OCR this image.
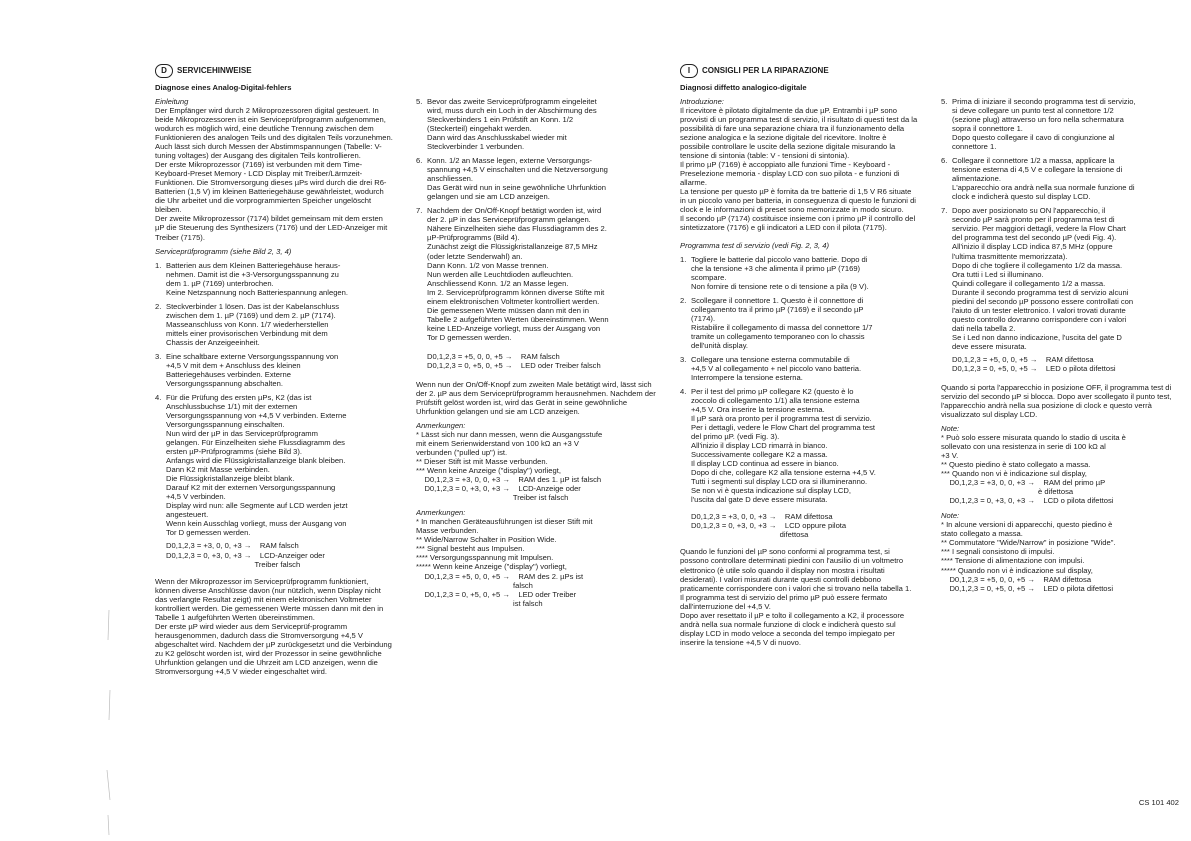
D	SERVICEHINWEISE
Diagnose eines Analog-Digital-fehlers
Einleitung

Der Empfänger wird durch 2 Mikroprozessoren digital gesteuert. In beide Mikroprozessoren ist ein Serviceprüfprogramm aufgenommen, wodurch es möglich wird, eine deutliche Trennung zwischen dem Funktionieren des analogen Teils und des digitalen Teils vorzunehmen. Auch lässt sich durch Messen der Abstimmspannungen (Tabelle: V-tuning voltages) der Ausgang des digitalen Teils kontrollieren.

Der erste Mikroprozessor (7169) ist verbunden mit dem Time-Keyboard-Preset Memory - LCD Display mit Treiber/Lärmzeit-Funktionen. Die Stromversorgung dieses µPs wird durch die drei R6-Batterien (1,5 V) im kleinen Batteriegehäuse gewährleistet, wodurch die Uhr arbeitet und die vorprogrammierten Speicher ungelöscht bleiben.

Der zweite Mikroprozessor (7174) bildet gemeinsam mit dem ersten µP die Steuerung des Synthesizers (7176) und der LED-Anzeiger mit Treiber (7175).

Serviceprüfprogramm (siehe Bild 2, 3, 4)

1. Batterien aus dem Kleinen Batteriegehäuse heraus-
nehmen. Damit ist die +3-Versorgungsspannung zu
dem 1. µP (7169) unterbrochen.
Keine Netzspannung noch Batteriespannung anlegen.
2. Steckverbinder 1 lösen. Das ist der Kabelanschluss
zwischen dem 1. µP (7169) und dem 2. µP (7174).
Masseanschluss von Konn. 1/7 wiederherstellen
mittels einer provisorischen Verbindung mit dem
Chassis der Anzeigeeinheit.
3. Eine schaltbare externe Versorgungsspannung von
+4,5 V mit dem + Anschluss des kleinen
Batteriegehäuses verbinden. Externe
Versorgungsspannung abschalten.
4. Für die Prüfung des ersten µPs, K2 (das ist
Anschlussbuchse 1/1) mit der externen
Versorgungsspannung von +4,5 V verbinden. Externe
Versorgungsspannung einschalten.
Nun wird der µP in das Serviceprüfprogramm
gelangen. Für Einzelheiten siehe Flussdiagramm des
ersten µP-Prüfprogramms (siehe Bild 3).
Anfangs wird die Flüssigkristallanzeige blank bleiben.
Dann K2 mit Masse verbinden.
Die Flüssigkristallanzeige bleibt blank.
Darauf K2 mit der externen Versorgungsspannung
+4,5 V verbinden.
Display wird nun: alle Segmente auf LCD werden jetzt
angesteuert.
Wenn kein Ausschlag vorliegt, muss der Ausgang von
Tor D gemessen werden.
D0,1,2,3 = +3, 0, 0, +3 →    RAM falsch
D0,1,2,3 = 0, +3, 0, +3 →    LCD-Anzeiger oder
Treiber falsch

Wenn der Mikroprozessor im Serviceprüfprogramm funktioniert, können diverse Anschlüsse davon (nur nützlich, wenn Display nicht das verlangte Resultat zeigt) mit einem elektronischen Voltmeter kontrolliert werden. Die gemessenen Werte müssen dann mit den in Tabelle 1 aufgeführten Werten übereinstimmen.
Der erste µP wird wieder aus dem Serviceprüf-programm herausgenommen, dadurch dass die Stromversorgung +4,5 V abgeschaltet wird. Nachdem der µP zurückgesetzt und die Verbindung zu K2 gelöscht worden ist, wird der Prozessor in seine gewöhnliche Uhrfunktion gelangen und die Uhrzeit am LCD anzeigen, wenn die Stromversorgung +4,5 V wieder eingeschaltet wird.

5. Bevor das zweite Serviceprüfprogramm eingeleitet
wird, muss durch ein Loch in der Abschirmung des
Steckverbinders 1 ein Prüfstift an Konn. 1/2
(Steckerteil) eingehakt werden.
Dann wird das Anschlusskabel wieder mit
Steckverbinder 1 verbunden.
6. Konn. 1/2 an Masse legen, externe Versorgungs-
spannung +4,5 V einschalten und die Netzversorgung
anschliessen.
Das Gerät wird nun in seine gewöhnliche Uhrfunktion
gelangen und sie am LCD anzeigen.
7. Nachdem der On/Off-Knopf betätigt worden ist, wird
der 2. µP in das Serviceprüfprogramm gelangen.
Nähere Einzelheiten siehe das Flussdiagramm des 2.
µP-Prüfprogramms (Bild 4).
Zunächst zeigt die Flüssigkristallanzeige 87,5 MHz
(oder letzte Senderwahl) an.
Dann Konn. 1/2 von Masse trennen.
Nun werden alle Leuchtdioden aufleuchten.
Anschliessend Konn. 1/2 an Masse legen.
Im 2. Serviceprüfprogramm können diverse Stifte mit
einem elektronischen Voltmeter kontrolliert werden.
Die gemessenen Werte müssen dann mit den in
Tabelle 2 aufgeführten Werten übereinstimmen. Wenn
keine LED-Anzeige vorliegt, muss der Ausgang von
Tor D gemessen werden.
D0,1,2,3 = +5, 0, 0, +5 →    RAM falsch
D0,1,2,3 = 0, +5, 0, +5 →    LED oder Treiber falsch

Wenn nun der On/Off-Knopf zum zweiten Male betätigt wird, lässt sich der 2. µP aus dem Serviceprüfprogramm herausnehmen. Nachdem der Prüfstift gelöst worden ist, wird das Gerät in seine gewöhnliche Uhrfunktion gelangen und sie am LCD anzeigen.

Anmerkungen:
* Lässt sich nur dann messen, wenn die Ausgangsstufe
mit einem Serienwiderstand von 100 kΩ an +3 V
verbunden ("pulled up") ist.
** Dieser Stift ist mit Masse verbunden.
*** Wenn keine Anzeige ("display") vorliegt,
D0,1,2,3 = +3, 0, 0, +3 →    RAM des 1. µP ist falsch
D0,1,2,3 = 0, +3, 0, +3 →    LCD-Anzeige oder
Treiber ist falsch
Anmerkungen:
* In manchen Geräteausführungen ist dieser Stift mit
Masse verbunden.
** Wide/Narrow Schalter in Position Wide.
*** Signal besteht aus Impulsen.
**** Versorgungsspannung mit Impulsen.
***** Wenn keine Anzeige ("display") vorliegt,
D0,1,2,3 = +5, 0, 0, +5 →    RAM des 2. µPs ist
falsch
D0,1,2,3 = 0, +5, 0, +5 →    LED oder Treiber
ist falsch
I	CONSIGLI PER LA RIPARAZIONE
Diagnosi diffetto analogico-digitale
Introduzione:

Il ricevitore è pilotato digitalmente da due µP. Entrambi i µP sono provvisti di un programma test di servizio, il risultato di questi test da la possibilità di fare una separazione chiara tra il funzionamento della sezione analogica e la sezione digitale del ricevitore. Inoltre è possibile controllare le uscite della sezione digitale misurando la tensione di sintonia (table: V - tensioni di sintonia).

Il primo µP (7169) è accoppiato alle funzioni Time - Keyboard - Preselezione memoria - display LCD con suo pilota - e funzioni di allarme.
La tensione per questo µP è fornita da tre batterie di 1,5 V R6 situate in un piccolo vano per batteria, in conseguenza di questo le funzioni di clock e le informazioni di preset sono memorizzate in modo sicuro.
Il secondo µP (7174) costituisce insieme con i primo µP il controllo del sintetizzatore (7176) e gli indicatori a LED con il pilota (7175).

Programma test di servizio (vedi Fig. 2, 3, 4)

1. Togliere le batterie dal piccolo vano batterie. Dopo di
che la tensione +3 che alimenta il primo µP (7169)
scompare.
Non fornire di tensione rete o di tensione a pila (9 V).
2. Scollegare il connettore 1. Questo è il connettore di
collegamento tra il primo µP (7169) e il secondo µP
(7174).
Ristabilire il collegamento di massa del connettore 1/7
tramite un collegamento temporaneo con lo chassis
dell'unità display.
3. Collegare una tensione esterna commutabile di
+4,5 V al collegamento + nel piccolo vano batteria.
Interrompere la tensione esterna.
4. Per il test del primo µP collegare K2 (questo è lo
zoccolo di collegamento 1/1) alla tensione esterna
+4,5 V. Ora inserire la tensione esterna.
Il µP sarà ora pronto per il programma test di servizio.
Per i dettagli, vedere le Flow Chart del programma test
del primo µP. (vedi Fig. 3).
All'inizio il display LCD rimarrà in bianco.
Successivamente collegare K2 a massa.
Il display LCD continua ad essere in bianco.
Dopo di che, collegare K2 alla tensione esterna +4,5 V.
Tutti i segmenti sul display LCD ora si illumineranno.
Se non vi è questa indicazione sul display LCD,
l'uscita dal gate D deve essere misurata.
D0,1,2,3 = +3, 0, 0, +3 →    RAM difettosa
D0,1,2,3 = 0, +3, 0, +3 →    LCD oppure pilota
difettosa

Quando le funzioni del µP sono conformi al programma test, si possono controllare determinati piedini con l'ausilio di un voltmetro elettronico (è utile solo quando il display non mostra i risultati desiderati). I valori misurati durante questi controlli debbono praticamente corrispondere con i valori che si trovano nella tabella 1.
Il programma test di servizio del primo µP può essere fermato dall'interruzione del +4,5 V.
Dopo aver resettato il µP e tolto il collegamento a K2, il processore andrà nella sua normale funzione di clock e indicherà questo sul display LCD in modo veloce a seconda del tempo impiegato per inserire la tensione +4,5 V di nuovo.

5. Prima di iniziare il secondo programma test di servizio,
si deve collegare un punto test al connettore 1/2
(sezione plug) attraverso un foro nella schermatura
sopra il connettore 1.
Dopo questo collegare il cavo di congiunzione al
connettore 1.
6. Collegare il connettore 1/2 a massa, applicare la
tensione esterna di 4,5 V e collegare la tensione di
alimentazione.
L'apparecchio ora andrà nella sua normale funzione di
clock e indicherà questo sul display LCD.
7. Dopo aver posizionato su ON l'apparecchio, il
secondo µP sarà pronto per il programma test di
servizio. Per maggiori dettagli, vedere la Flow Chart
del programma test del secondo µP (vedi Fig. 4).
All'inizio il display LCD indica 87,5 MHz (oppure
l'ultima trasmittente memorizzata).
Dopo di che togliere il collegamento 1/2 da massa.
Ora tutti i Led si illuminano.
Quindi collegare il collegamento 1/2 a massa.
Durante il secondo programma test di servizio alcuni
piedini del secondo µP possono essere controllati con
l'aiuto di un tester elettronico. I valori trovati durante
questo controllo dovranno corrispondere con i valori
dati nella tabella 2.
Se i Led non danno indicazione, l'uscita del gate D
deve essere misurata.
D0,1,2,3 = +5, 0, 0, +5 →    RAM difettosa
D0,1,2,3 = 0, +5, 0, +5 →    LED o pilota difettosi

Quando si porta l'apparecchio in posizione OFF, il programma test di servizio del secondo µP si blocca. Dopo aver scollegato il punto test, l'apparecchio andrà nella sua posizione di clock e questo verrà visualizzato sul display LCD.

Note:
* Può solo essere misurata quando lo stadio di uscita è
sollevato con una resistenza in serie di 100 kΩ al
+3 V.
** Questo piedino è stato collegato a massa.
*** Quando non vi è indicazione sul display,
D0,1,2,3 = +3, 0, 0, +3 →    RAM del primo µP
è difettosa
D0,1,2,3 = 0, +3, 0, +3 →    LCD o pilota difettosi
Note:
* In alcune versioni di apparecchi, questo piedino è
stato collegato a massa.
** Commutatore "Wide/Narrow" in posizione "Wide".
*** I segnali consistono di impulsi.
**** Tensione di alimentazione con impulsi.
***** Quando non vi è indicazione sul display,
D0,1,2,3 = +5, 0, 0, +5 →    RAM difettosa
D0,1,2,3 = 0, +5, 0, +5 →    LED o pilota difettosi
CS 101 402
